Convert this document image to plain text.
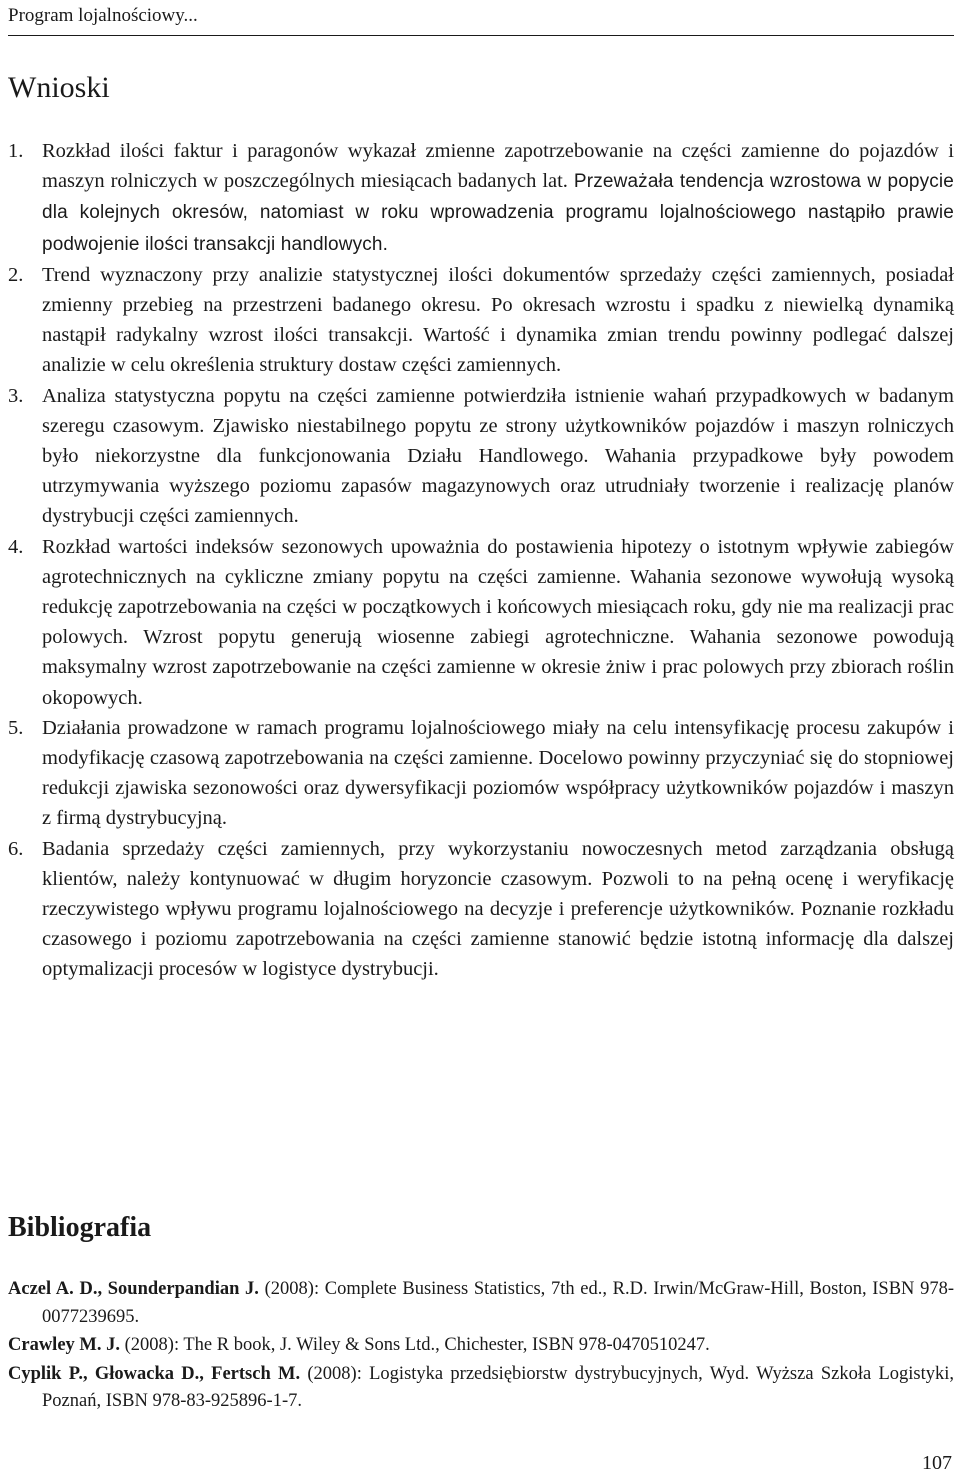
Program lojalnościowy...
Wnioski
1. Rozkład ilości faktur i paragonów wykazał zmienne zapotrzebowanie na części zamienne do pojazdów i maszyn rolniczych w poszczególnych miesiącach badanych lat. Przeważała tendencja wzrostowa w popycie dla kolejnych okresów, natomiast w roku wprowadzenia programu lojalnościowego nastąpiło prawie podwojenie ilości transakcji handlowych.
2. Trend wyznaczony przy analizie statystycznej ilości dokumentów sprzedaży części zamiennych, posiadał zmienny przebieg na przestrzeni badanego okresu. Po okresach wzrostu i spadku z niewielką dynamiką nastąpił radykalny wzrost ilości transakcji. Wartość i dynamika zmian trendu powinny podlegać dalszej analizie w celu określenia struktury dostaw części zamiennych.
3. Analiza statystyczna popytu na części zamienne potwierdziła istnienie wahań przypadkowych w badanym szeregu czasowym. Zjawisko niestabilnego popytu ze strony użytkowników pojazdów i maszyn rolniczych było niekorzystne dla funkcjonowania Działu Handlowego. Wahania przypadkowe były powodem utrzymywania wyższego poziomu zapasów magazynowych oraz utrudniały tworzenie i realizację planów dystrybucji części zamiennych.
4. Rozkład wartości indeksów sezonowych upoważnia do postawienia hipotezy o istotnym wpływie zabiegów agrotechnicznych na cykliczne zmiany popytu na części zamienne. Wahania sezonowe wywołują wysoką redukcję zapotrzebowania na części w początkowych i końcowych miesiącach roku, gdy nie ma realizacji prac polowych. Wzrost popytu generują wiosenne zabiegi agrotechniczne. Wahania sezonowe powodują maksymalny wzrost zapotrzebowanie na części zamienne w okresie żniw i prac polowych przy zbiorach roślin okopowych.
5. Działania prowadzone w ramach programu lojalnościowego miały na celu intensyfikację procesu zakupów i modyfikację czasową zapotrzebowania na części zamienne. Docelowo powinny przyczyniać się do stopniowej redukcji zjawiska sezonowości oraz dywersyfikacji poziomów współpracy użytkowników pojazdów i maszyn z firmą dystrybucyjną.
6. Badania sprzedaży części zamiennych, przy wykorzystaniu nowoczesnych metod zarządzania obsługą klientów, należy kontynuować w długim horyzoncie czasowym. Pozwoli to na pełną ocenę i weryfikację rzeczywistego wpływu programu lojalnościowego na decyzje i preferencje użytkowników. Poznanie rozkładu czasowego i poziomu zapotrzebowania na części zamienne stanowić będzie istotną informację dla dalszej optymalizacji procesów w logistyce dystrybucji.
Bibliografia
Aczel A. D., Sounderpandian J. (2008): Complete Business Statistics, 7th ed., R.D. Irwin/McGraw-Hill, Boston, ISBN 978-0077239695.
Crawley M. J. (2008): The R book, J. Wiley & Sons Ltd., Chichester, ISBN 978-0470510247.
Cyplik P., Głowacka D., Fertsch M. (2008): Logistyka przedsiębiorstw dystrybucyjnych, Wyd. Wyższa Szkoła Logistyki, Poznań, ISBN 978-83-925896-1-7.
107
